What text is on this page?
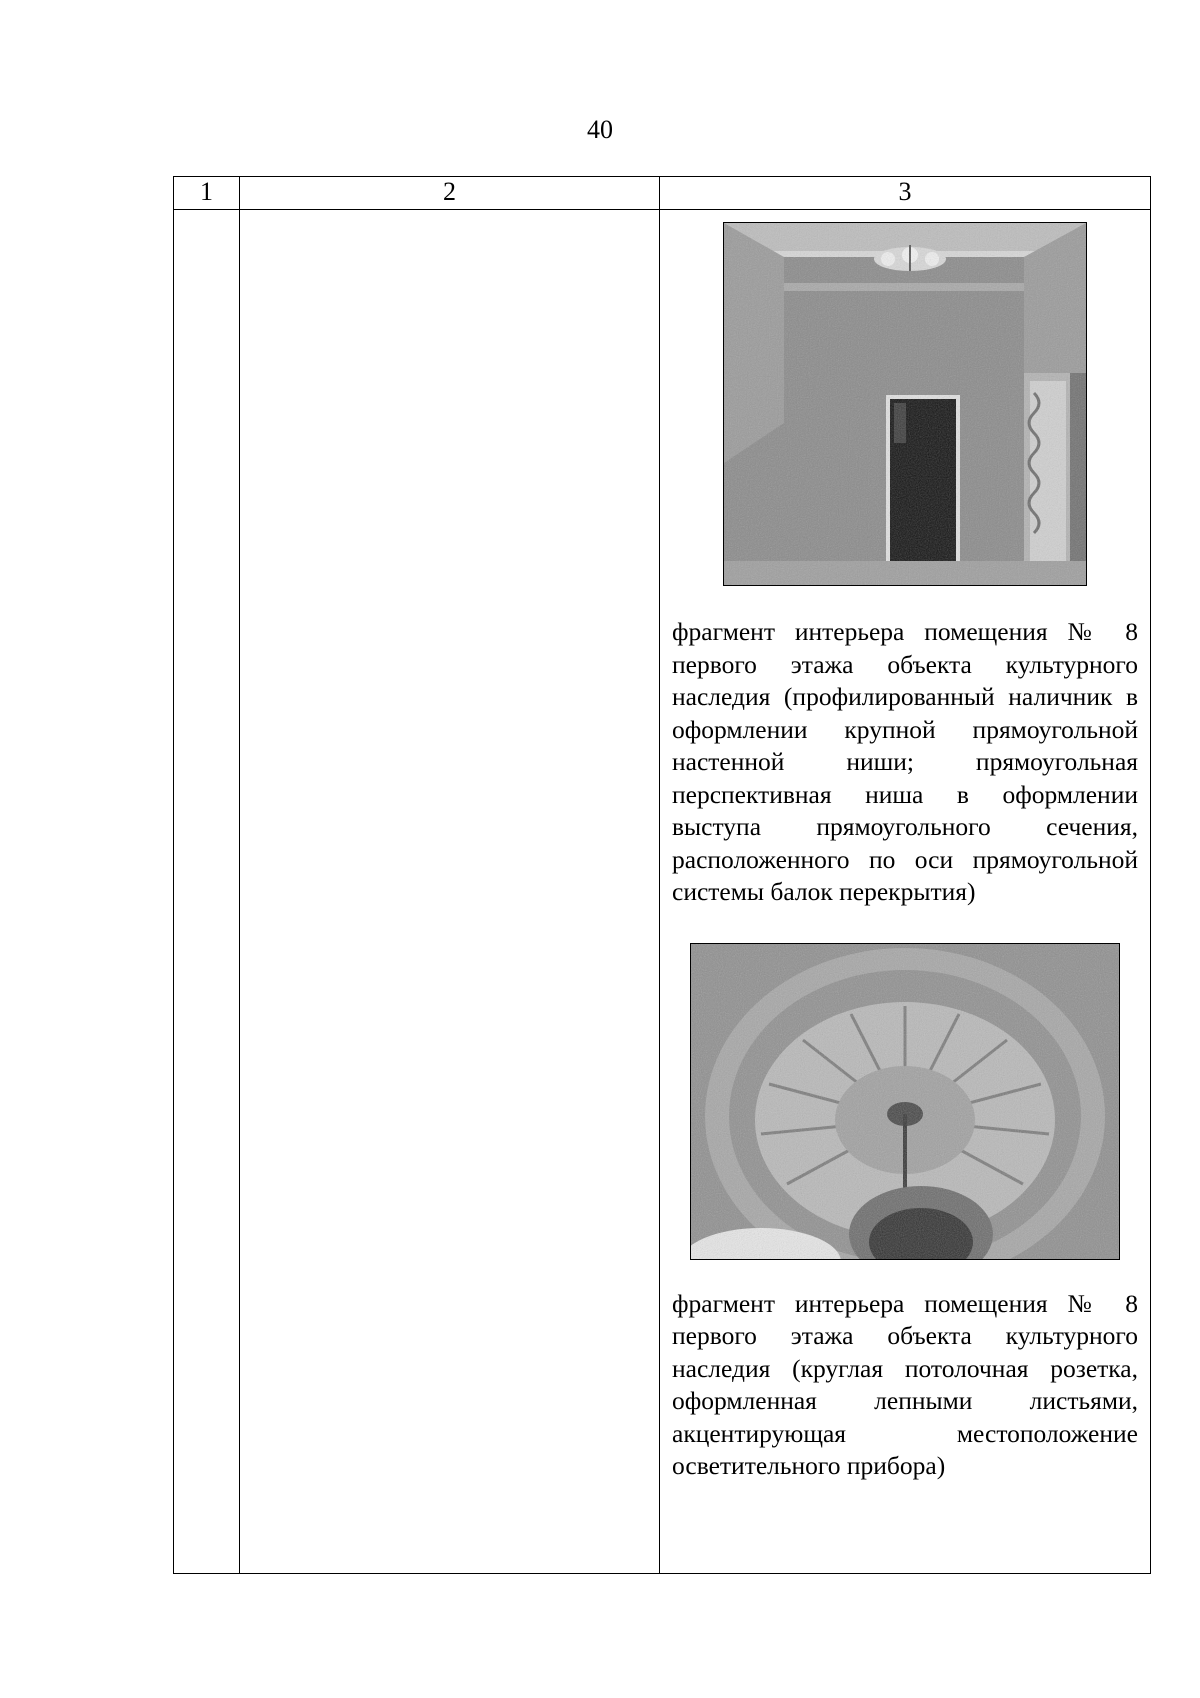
40
1	2	3

		фрагмент интерьера помещения № 8 первого этажа объекта культурного наследия (профилированный наличник в оформлении крупной прямоугольной настенной ниши; прямоугольная перспективная ниша в оформлении выступа прямоугольного сечения, расположенного по оси прямоугольной системы балок перекрытия)

фрагмент интерьера помещения № 8 первого этажа объекта культурного наследия (круглая потолочная розетка, оформленная лепными листьями, акцентирующая местоположение осветительного прибора)
